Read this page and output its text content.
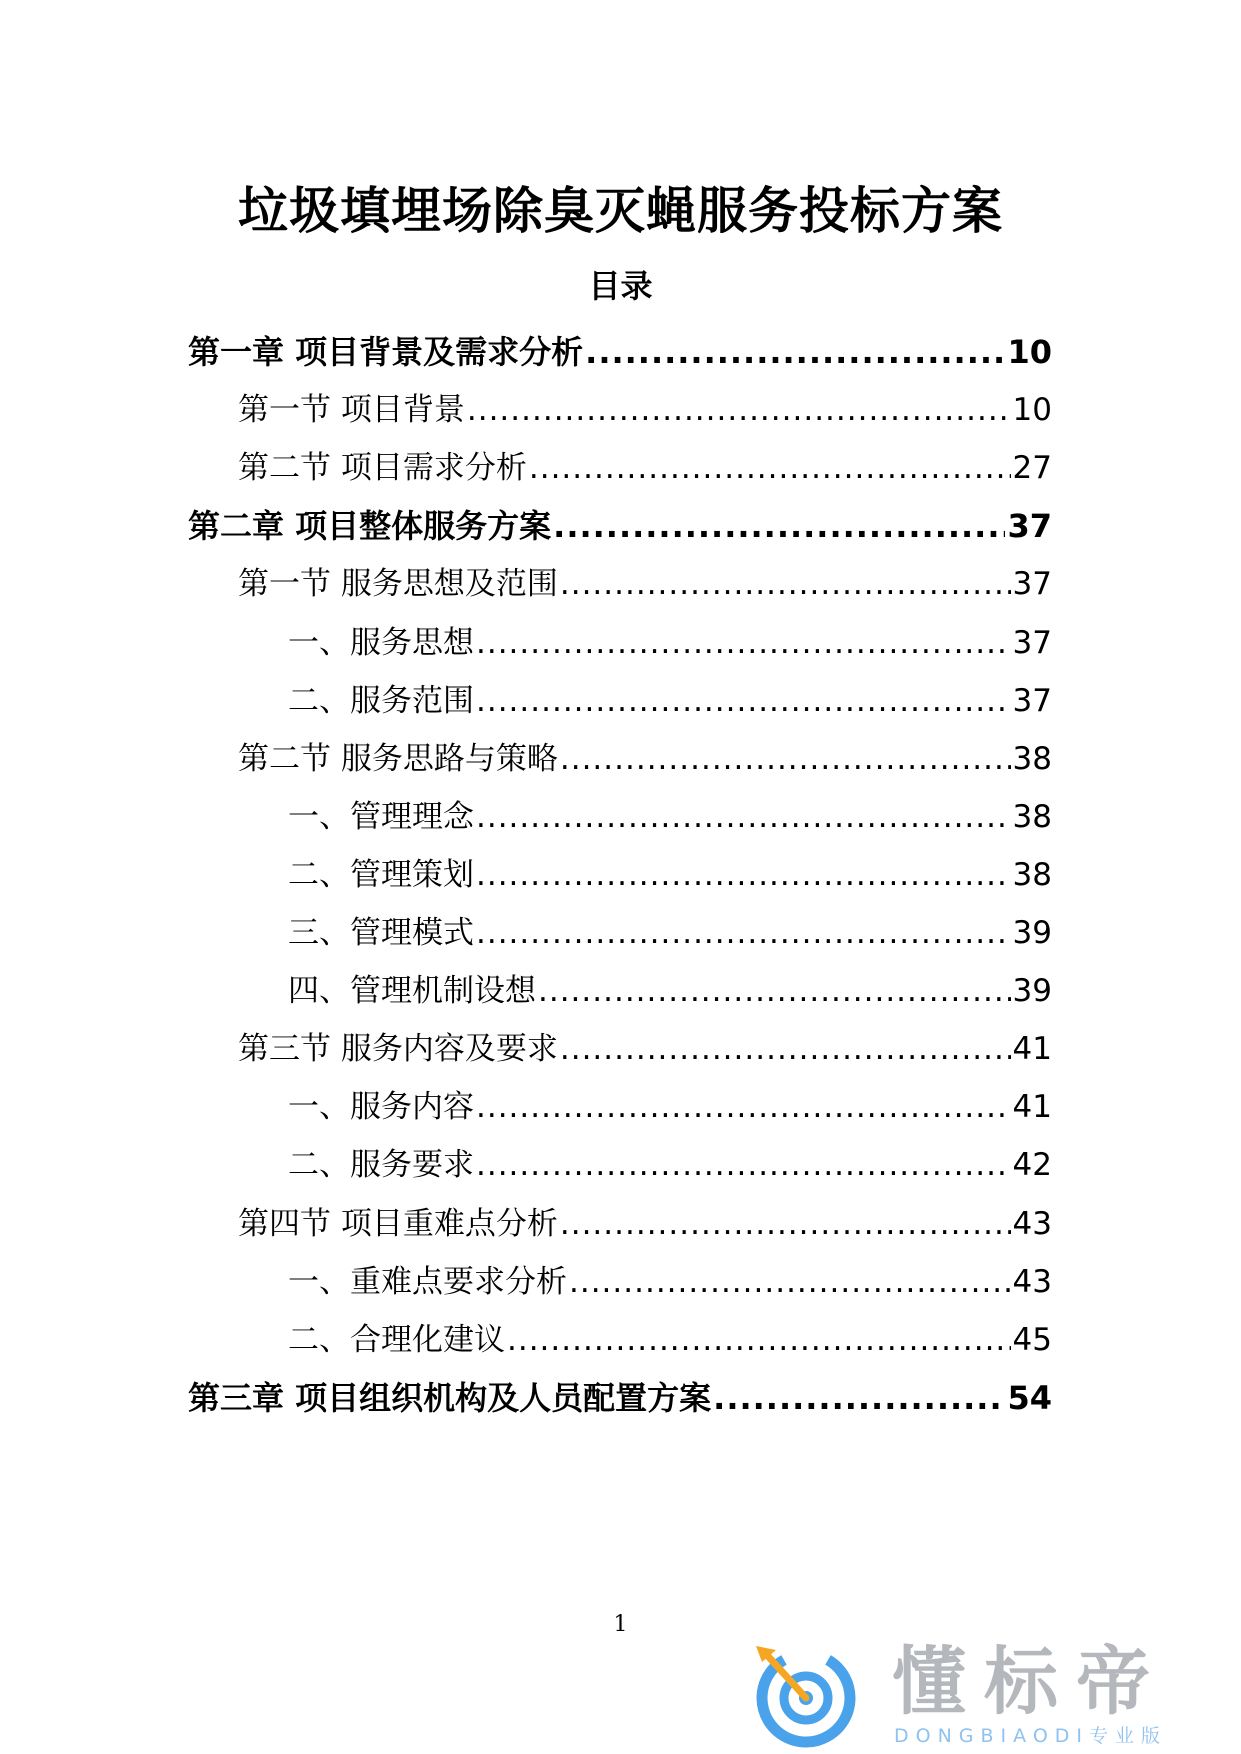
垃圾填埋场除臭灭蝇服务投标方案
目录
第一章 项目背景及需求分析 .....	10
第一节 项目背景 .....	10
第二节 项目需求分析 .....	27
第二章 项目整体服务方案 .....	37
第一节 服务思想及范围 .....	37
一、服务思想 .....	37
二、服务范围 .....	37
第二节 服务思路与策略 .....	38
一、管理理念 .....	38
二、管理策划 .....	38
三、管理模式 .....	39
四、管理机制设想 .....	39
第三节 服务内容及要求 .....	41
一、服务内容 .....	41
二、服务要求 .....	42
第四节 项目重难点分析 .....	43
一、重难点要求分析 .....	43
二、合理化建议 .....	45
第三章 项目组织机构及人员配置方案 .....	54
1
懂标帝
DONGBIAODI专业版
